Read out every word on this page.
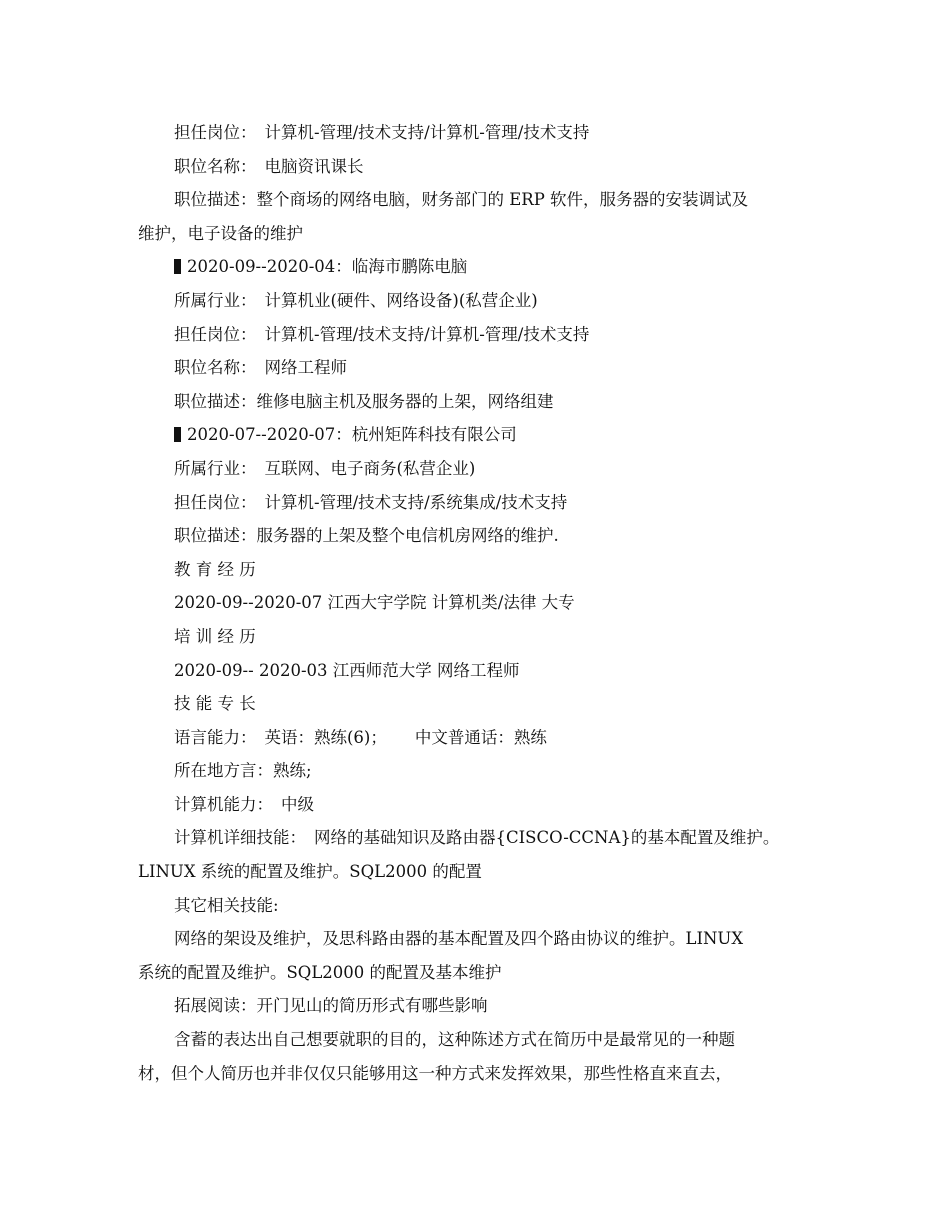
担任岗位： 计算机-管理/技术支持/计算机-管理/技术支持
职位名称： 电脑资讯课长
职位描述：整个商场的网络电脑，财务部门的 ERP 软件，服务器的安装调试及
维护，电子设备的维护
2020-09--2020-04：临海市鹏陈电脑
所属行业： 计算机业(硬件、网络设备)(私营企业)
担任岗位： 计算机-管理/技术支持/计算机-管理/技术支持
职位名称： 网络工程师
职位描述：维修电脑主机及服务器的上架，网络组建
2020-07--2020-07：杭州矩阵科技有限公司
所属行业： 互联网、电子商务(私营企业)
担任岗位： 计算机-管理/技术支持/系统集成/技术支持
职位描述：服务器的上架及整个电信机房网络的维护.
教 育 经 历
2020-09--2020-07 江西大宇学院 计算机类/法律 大专
培 训 经 历
2020-09-- 2020-03 江西师范大学 网络工程师
技 能 专 长
语言能力： 英语：熟练(6)； 中文普通话：熟练
所在地方言：熟练;
计算机能力： 中级
计算机详细技能： 网络的基础知识及路由器{CISCO-CCNA}的基本配置及维护。
LINUX 系统的配置及维护。SQL2000 的配置
其它相关技能:
网络的架设及维护，及思科路由器的基本配置及四个路由协议的维护。LINUX
系统的配置及维护。SQL2000 的配置及基本维护
拓展阅读：开门见山的简历形式有哪些影响
含蓄的表达出自己想要就职的目的，这种陈述方式在简历中是最常见的一种题
材，但个人简历也并非仅仅只能够用这一种方式来发挥效果，那些性格直来直去，
